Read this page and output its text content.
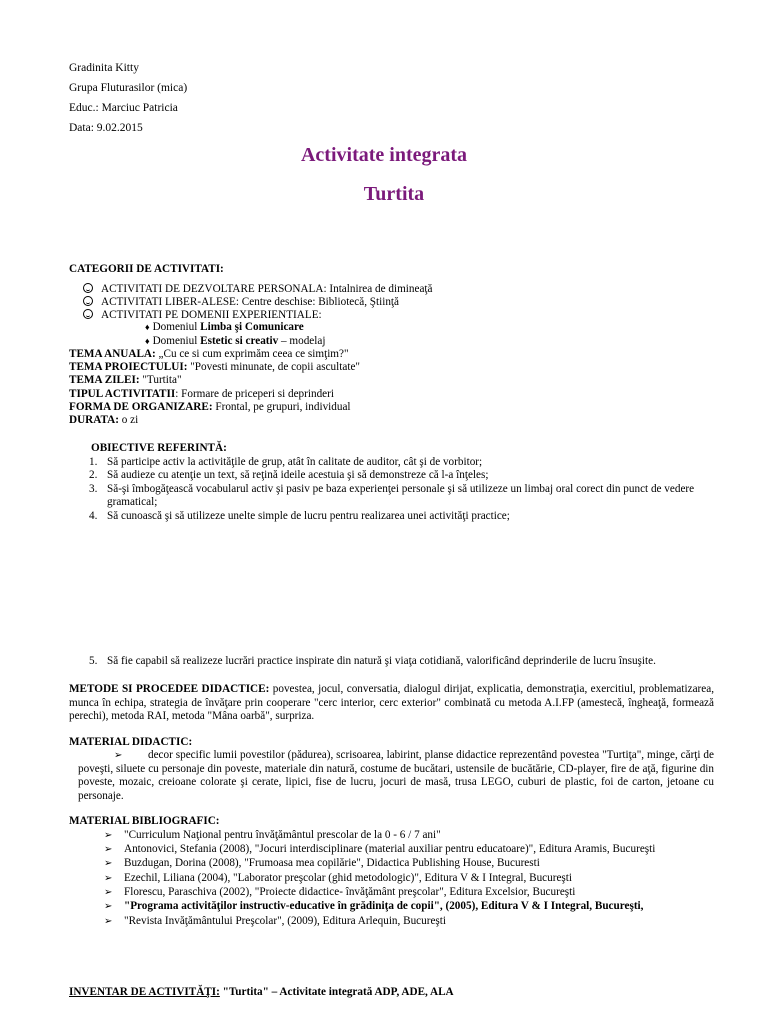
Gradinita Kitty
Grupa Fluturasilor (mica)
Educ.: Marciuc Patricia
Data: 9.02.2015
Activitate integrata
Turtita
CATEGORII DE ACTIVITATI:
ACTIVITATI DE DEZVOLTARE PERSONALA: Intalnirea de dimineaţă
ACTIVITATI LIBER-ALESE: Centre deschise: Bibliotecă, Ştiinţă
ACTIVITATI PE DOMENII EXPERIENTIALE:
♦ Domeniul Limba şi Comunicare
♦ Domeniul Estetic si creativ – modelaj
TEMA ANUALA: „Cu ce si cum exprimăm ceea ce simţim?"
TEMA PROIECTULUI: "Povesti minunate, de copii ascultate"
TEMA ZILEI: "Turtita"
TIPUL ACTIVITATII: Formare de priceperi si deprinderi
FORMA DE ORGANIZARE: Frontal, pe grupuri, individual
DURATA: o zi
OBIECTIVE REFERINTĂ:
1. Să participe activ la activităţile de grup, atât în calitate de auditor, cât şi de vorbitor;
2. Să audieze cu atenţie un text, să reţină ideile acestuia şi să demonstreze că l-a înţeles;
3. Să-şi îmbogăţească vocabularul activ şi pasiv pe baza experienţei personale şi să utilizeze un limbaj oral corect din punct de vedere gramatical;
4. Să cunoască şi să utilizeze unelte simple de lucru pentru realizarea unei activităţi practice;
5. Să fie capabil să realizeze lucrări practice inspirate din natură şi viaţa cotidiană, valorificând deprinderile de lucru însuşite.
METODE SI PROCEDEE DIDACTICE: povestea, jocul, conversatia, dialogul dirijat, explicatia, demonstraţia, exercitiul, problematizarea, munca în echipa, strategia de învăţare prin cooperare "cerc interior, cerc exterior" combinată cu metoda A.I.FP (amestecă, îngheaţă, formează perechi), metoda RAI, metoda "Mâna oarbă", surpriza.
MATERIAL DIDACTIC:
➢ decor specific lumii povestilor (pădurea), scrisoarea, labirint, planse didactice reprezentând povestea "Turtiţa", minge, cărţi de poveşti, siluete cu personaje din poveste, materiale din natură, costume de bucătari, ustensile de bucătărie, CD-player, fire de aţă, figurine din poveste, mozaic, creioane colorate şi cerate, lipici, fise de lucru, jocuri de masă, trusa LEGO, cuburi de plastic, foi de carton, jetoane cu personaje.
MATERIAL BIBLIOGRAFIC:
➢ "Curriculum Naţional pentru învăţământul prescolar de la 0 - 6 / 7 ani"
➢ Antonovici, Stefania (2008), "Jocuri interdisciplinare (material auxiliar pentru educatoare)", Editura Aramis, Bucureşti
➢ Buzdugan, Dorina (2008), "Frumoasa mea copilărie", Didactica Publishing House, Bucuresti
➢ Ezechil, Liliana (2004), "Laborator preşcolar (ghid metodologic)", Editura V & I Integral, Bucureşti
➢ Florescu, Paraschiva (2002), "Proiecte didactice- învăţământ preşcolar", Editura Excelsior, Bucureşti
➢ "Programa activităţilor instructiv-educative în grădiniţa de copii", (2005), Editura V & I Integral, Bucureşti,
➢ "Revista Invăţământului Preşcolar", (2009), Editura Arlequin, Bucureşti
INVENTAR DE ACTIVITĂŢI: "Turtita" – Activitate integrată ADP, ADE, ALA
